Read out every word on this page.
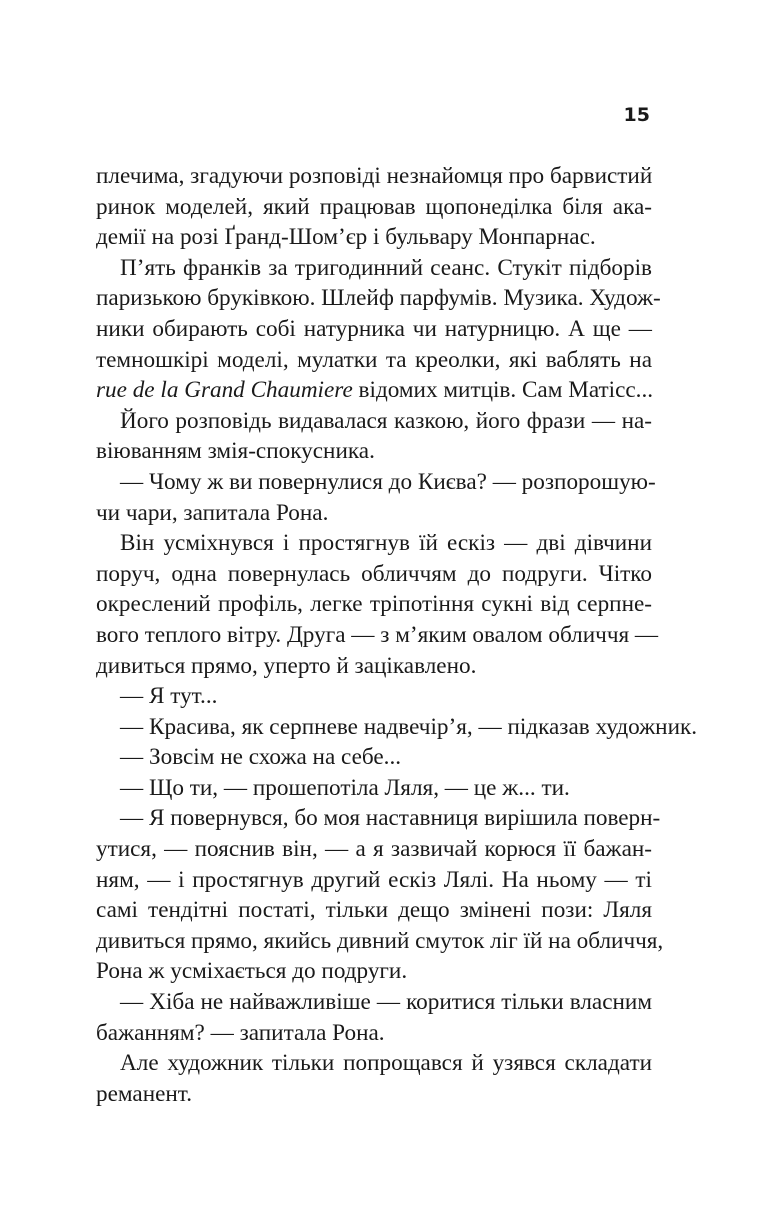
15
плечима, згадуючи розповіді незнайомця про барвистий
ринок моделей, який працював щопонеділка біля ака-
демії на розі Ґранд-Шом’єр і бульвару Монпарнас.
П’ять франків за тригодинний сеанс. Стукіт підборів
паризькою бруківкою. Шлейф парфумів. Музика. Худож-
ники обирають собі натурника чи натурницю. А ще —
темношкірі моделі, мулатки та креолки, які ваблять на
rue de la Grand Chaumiere відомих митців. Сам Матісс...
Його розповідь видавалася казкою, його фрази — на-
віюванням змія-спокусника.
— Чому ж ви повернулися до Києва? — розпорошую-
чи чари, запитала Рона.
Він усміхнувся і простягнув їй ескіз — дві дівчини
поруч, одна повернулась обличчям до подруги. Чітко
окреслений профіль, легке тріпотіння сукні від серпне-
вого теплого вітру. Друга — з м’яким овалом обличчя —
дивиться прямо, уперто й зацікавлено.
— Я тут...
— Красива, як серпневе надвечір’я, — підказав художник.
— Зовсім не схожа на себе...
— Що ти, — прошепотіла Ляля, — це ж... ти.
— Я повернувся, бо моя наставниця вирішила поверн-
утися, — пояснив він, — а я зазвичай корюся її бажан-
ням, — і простягнув другий ескіз Лялі. На ньому — ті
самі тендітні постаті, тільки дещо змінені пози: Ляля
дивиться прямо, якийсь дивний смуток ліг їй на обличчя,
Рона ж усміхається до подруги.
— Хіба не найважливіше — коритися тільки власним
бажанням? — запитала Рона.
Але художник тільки попрощався й узявся складати
реманент.
